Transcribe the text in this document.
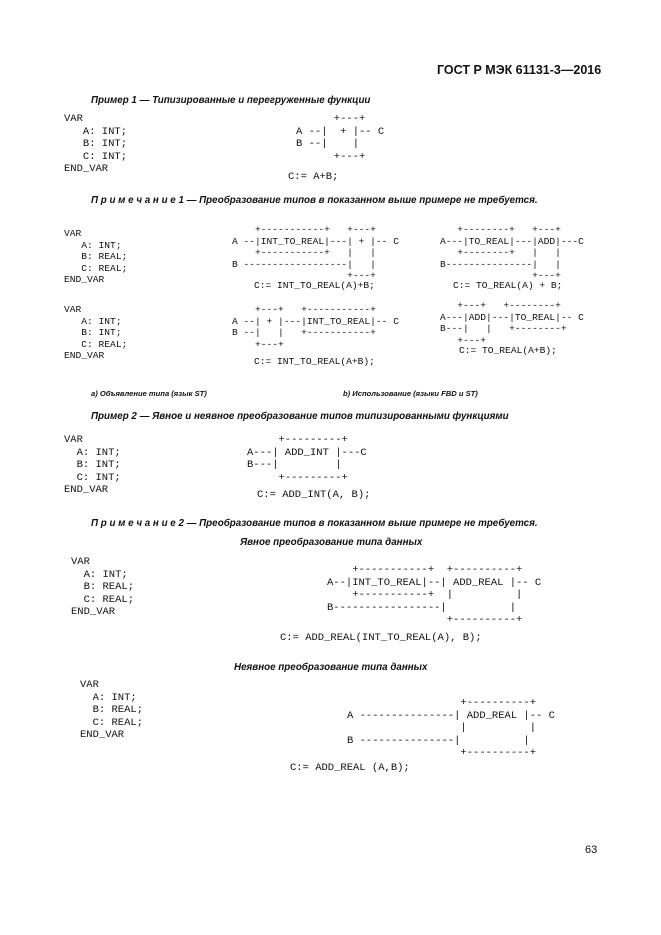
ГОСТ Р МЭК 61131-3—2016
Пример 1 — Типизированные и перегруженные функции
VAR
A: INT;
B: INT;
C: INT;
END_VAR
+---+
A --|  + |-- C
B --|    |
+---+
C:= A+B;
П р и м е ч а н и е 1 — Преобразование типов в показанном выше примере не требуется.
VAR
A: INT;
B: REAL;
C: REAL;
END_VAR
+-----------+   +---+
A --|INT_TO_REAL|---| + |-- C
+-----------+   |   |
B ------------------|   |
+---+
C:= INT_TO_REAL(A)+B;
+--------+   +---+
A---|TO_REAL|---|ADD|---C
+--------+   |   |
B---------------|   |
+---+
C:= TO_REAL(A) + B;
VAR
A: INT;
B: INT;
C: REAL;
END_VAR
+---+   +-----------+
A --| + |---|INT_TO_REAL|-- C
B --|   |   +-----------+
+---+
C:= INT_TO_REAL(A+B);
+---+   +--------+
A---|ADD|---|TO_REAL|-- C
B---|   |   +--------+
+---+
C:= TO_REAL(A+B);
а) Объявление типа (язык ST)	b) Использование (языки FBD и ST)
Пример 2 — Явное и неявное преобразование типов типизированными функциями
VAR
A: INT;
B: INT;
C: INT;
END_VAR
+---------+
A---| ADD_INT |---C
B---|         |
+---------+
C:= ADD_INT(A, B);
П р и м е ч а н и е 2 — Преобразование типов в показанном выше примере не требуется.
Явное преобразование типа данных
VAR
A: INT;
B: REAL;
C: REAL;
END_VAR
+-----------+  +----------+
A--|INT_TO_REAL|--| ADD_REAL |-- C
+-----------+  |          |
B-----------------|          |
+----------+
C:= ADD_REAL(INT_TO_REAL(A), B);
Неявное преобразование типа данных
VAR
A: INT;
B: REAL;
C: REAL;
END_VAR
+----------+
A ---------------| ADD_REAL |-- C
|          |
B ---------------|          |
+----------+
C:= ADD_REAL (A,B);
63
